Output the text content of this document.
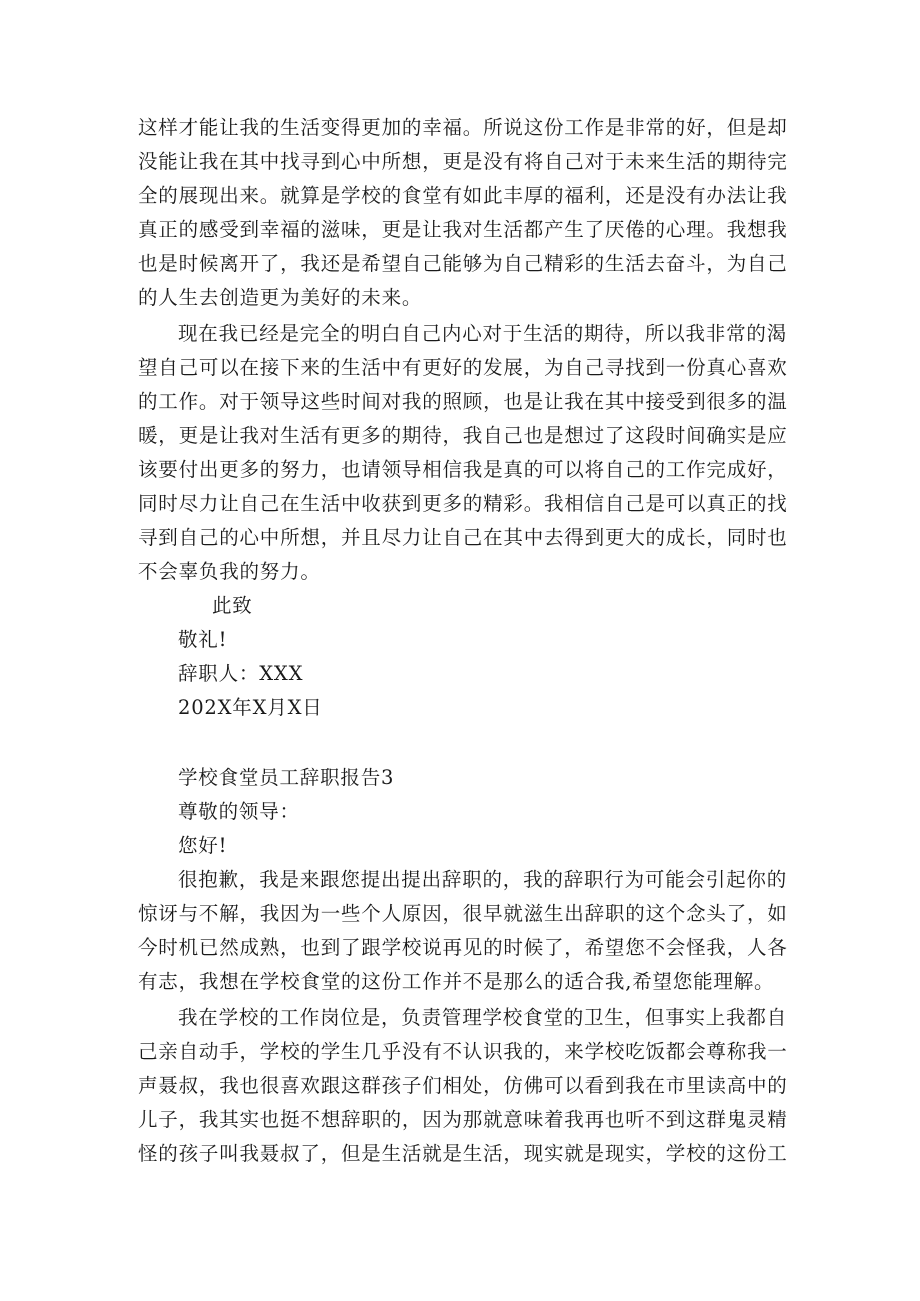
这样才能让我的生活变得更加的幸福。所说这份工作是非常的好，但是却
没能让我在其中找寻到心中所想，更是没有将自己对于未来生活的期待完
全的展现出来。就算是学校的食堂有如此丰厚的福利，还是没有办法让我
真正的感受到幸福的滋味，更是让我对生活都产生了厌倦的心理。我想我
也是时候离开了，我还是希望自己能够为自己精彩的生活去奋斗，为自己
的人生去创造更为美好的未来。
现在我已经是完全的明白自己内心对于生活的期待，所以我非常的渴
望自己可以在接下来的生活中有更好的发展，为自己寻找到一份真心喜欢
的工作。对于领导这些时间对我的照顾，也是让我在其中接受到很多的温
暖，更是让我对生活有更多的期待，我自己也是想过了这段时间确实是应
该要付出更多的努力，也请领导相信我是真的可以将自己的工作完成好，
同时尽力让自己在生活中收获到更多的精彩。我相信自己是可以真正的找
寻到自己的心中所想，并且尽力让自己在其中去得到更大的成长，同时也
不会辜负我的努力。
此致
敬礼!
辞职人：XXX
202X年X月X日
学校食堂员工辞职报告3
尊敬的领导：
您好!
很抱歉，我是来跟您提出提出辞职的，我的辞职行为可能会引起你的
惊讶与不解，我因为一些个人原因，很早就滋生出辞职的这个念头了，如
今时机已然成熟，也到了跟学校说再见的时候了，希望您不会怪我，人各
有志，我想在学校食堂的这份工作并不是那么的适合我,希望您能理解。
我在学校的工作岗位是，负责管理学校食堂的卫生，但事实上我都自
己亲自动手，学校的学生几乎没有不认识我的，来学校吃饭都会尊称我一
声聂叔，我也很喜欢跟这群孩子们相处，仿佛可以看到我在市里读高中的
儿子，我其实也挺不想辞职的，因为那就意味着我再也听不到这群鬼灵精
怪的孩子叫我聂叔了，但是生活就是生活，现实就是现实，学校的这份工
